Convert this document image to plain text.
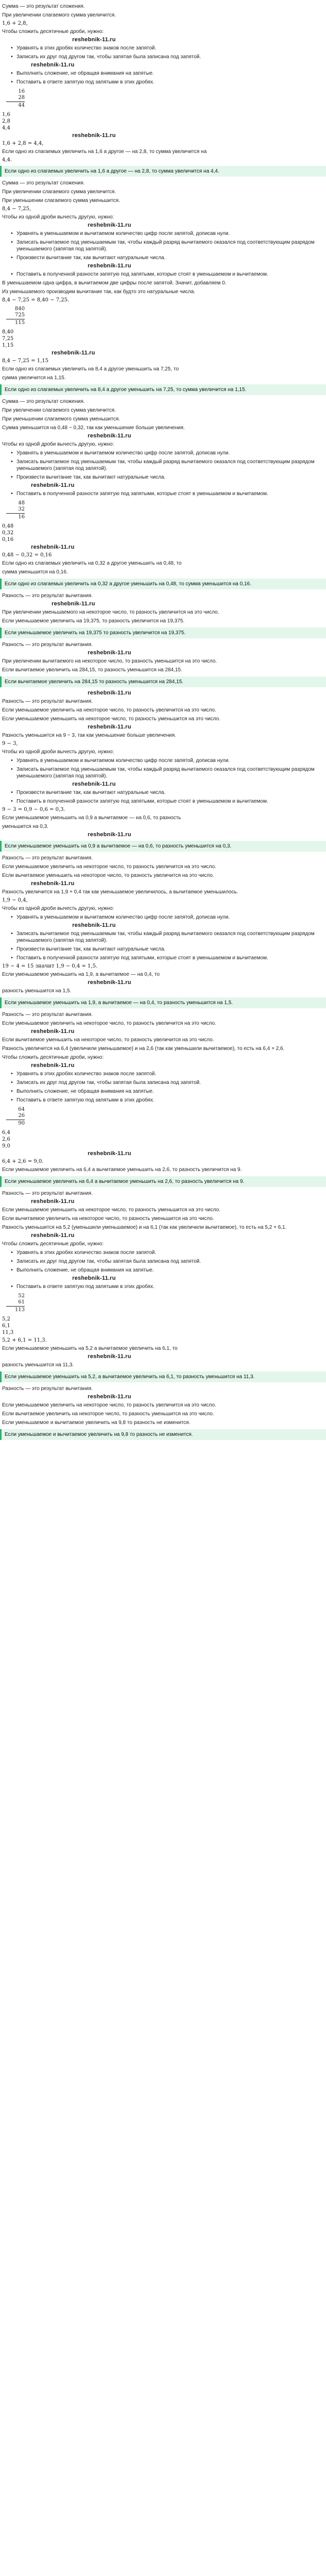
Сумма — это результат сложения.
При увеличении слагаемого сумма увеличится.
1,6 + 2,8,
Чтобы сложить десятичные дроби, нужно:
reshebnik-11.ru
• Уравнять в этих дробях количество знаков после запятой.
• Записать их друг под другом так, чтобы запятая была записана под запятой.
reshebnik-11.ru
• Выполнить сложение, не обращая внимания на запятые.
• Поставить в ответе запятую под запятыми в этих дробях.
16
28
44
1,6
2,8
4,4
reshebnik-11.ru
1,6 + 2,8 = 4,4,
Если одно из слагаемых увеличить на 1,6 а другое — на 2,8, то сумма увеличится на
4,4.
Если одно из слагаемых увеличить на 1,6 а другое — на 2,8, то сумма увеличится на 4,4.
Сумма — это результат сложения.
При увеличении слагаемого сумма увеличится.
При уменьшении слагаемого сумма уменьшится.
8,4 − 7,25,
Чтобы из одной дроби вычесть другую, нужно:
reshebnik-11.ru
• Уравнять в уменьшаемом и вычитаемом количество цифр после запятой, дописав нули.
• Записать вычитаемое под уменьшаемым так, чтобы каждый разряд вычитаемого оказался под соответствующим разрядом уменьшаемого (запятая под запятой).
• Произвести вычитание так, как вычитают натуральные числа.
reshebnik-11.ru
• Поставить в полученной разности запятую под запятыми, которые стоят в уменьшаемом и вычитаемом.
В уменьшаемом одна цифра, в вычитаемом две цифры после запятой. Значит, добавляем 0.
Из уменьшаемого производим вычитание так, как будто это натуральные числа.
8,4 − 7,25 = 8,40 − 7,25.
840
725
115
8,40
7,25
1,15
reshebnik-11.ru
8,4 − 7,25 = 1,15
Если одно из слагаемых увеличить на 8,4 а другое уменьшить на 7,25, то
сумма увеличится на 1,15.
Если одно из слагаемых увеличить на 8,4 а другое уменьшить на 7,25, то сумма увеличится на 1,15.
Сумма — это результат сложения.
При увеличении слагаемого сумма увеличится.
При уменьшении слагаемого сумма уменьшится.
Сумма уменьшится на 0,48 − 0,32, так как уменьшение больше увеличения.
reshebnik-11.ru
Чтобы из одной дроби вычесть другую, нужно:
• Уравнять в уменьшаемом и вычитаемом количество цифр после запятой, дописав нули.
• Записать вычитаемое под уменьшаемым так, чтобы каждый разряд вычитаемого оказался под соответствующим разрядом уменьшаемого (запятая под запятой).
• Произвести вычитание так, как вычитают натуральные числа.
reshebnik-11.ru
• Поставить в полученной разности запятую под запятыми, которые стоят в уменьшаемом и вычитаемом.
48
32
16
0,48
0,32
0,16
reshebnik-11.ru
0,48 − 0,32 = 0,16
Если одно из слагаемых увеличить на 0,32 а другое уменьшить на 0,48, то
сумма уменьшится на 0,16.
Если одно из слагаемых увеличить на 0,32 а другое уменьшить на 0,48, то сумма уменьшится на 0,16.
Разность — это результат вычитания.
reshebnik-11.ru
При увеличении уменьшаемого на некоторое число, то разность увеличится на это число.
Если уменьшаемое увеличить на 19,375, то разность увеличится на 19,375.
Если уменьшаемое увеличить на 19,375 то разность увеличится на 19,375.
Разность — это результат вычитания.
reshebnik-11.ru
При увеличении вычитаемого на некоторое число, то разность уменьшится на это число.
Если вычитаемое увеличить на 284,15, то разность уменьшится на 284,15.
Если вычитаемое увеличить на 284,15 то разность уменьшится на 284,15.
reshebnik-11.ru
Разность — это результат вычитания.
Если уменьшаемое увеличить на некоторое число, то разность увеличится на это число.
Если уменьшаемое уменьшить на некоторое число, то разность уменьшится на это число.
reshebnik-11.ru
Разность уменьшится на 9 − 3, так как уменьшение больше увеличения.
9 − 3,
Чтобы из одной дроби вычесть другую, нужно:
• Уравнять в уменьшаемом и вычитаемом количество цифр после запятой, дописав нули.
• Записать вычитаемое под уменьшаемым так, чтобы каждый разряд вычитаемого оказался под соответствующим разрядом уменьшаемого (запятая под запятой).
reshebnik-11.ru
• Произвести вычитание так, как вычитают натуральные числа.
• Поставить в полученной разности запятую под запятыми, которые стоят в уменьшаемом и вычитаемом.
9 − 3 = 0,9 − 0,6 = 0,3.
Если уменьшаемое уменьшить на 0,9 а вычитаемое — на 0,6, то разность
уменьшится на 0,3.
reshebnik-11.ru
Если уменьшаемое уменьшить на 0,9 а вычитаемое — на 0,6, то разность уменьшится на 0,3.
Разность — это результат вычитания.
Если уменьшаемое увеличить на некоторое число, то разность увеличится на это число.
Если вычитаемое уменьшить на некоторое число, то разность увеличится на это число.
reshebnik-11.ru
Разность увеличится на 1,9 + 0,4 так как уменьшаемое увеличилось, а вычитаемое уменьшилось.
1,9 − 0,4,
Чтобы из одной дроби вычесть другую, нужно:
• Уравнять в уменьшаемом и вычитаемом количество цифр после запятой, дописав нули.
reshebnik-11.ru
• Записать вычитаемое под уменьшаемым так, чтобы каждый разряд вычитаемого оказался под соответствующим разрядом уменьшаемого (запятая под запятой).
• Произвести вычитание так, как вычитают натуральные числа.
• Поставить в полученной разности запятую под запятыми, которые стоят в уменьшаемом и вычитаемом.
19 − 4 = 15 значит 1,9 − 0,4 = 1,5.
Если уменьшаемое уменьшить на 1,9, а вычитаемое — на 0,4, то
reshebnik-11.ru
разность уменьшится на 1,5.
Если уменьшаемое уменьшить на 1,9, а вычитаемое — на 0,4, то разность уменьшится на 1,5.
Разность — это результат вычитания.
Если уменьшаемое увеличить на некоторое число, то разность увеличится на это число.
reshebnik-11.ru
Если вычитаемое уменьшить на некоторое число, то разность увеличится на это число.
Разность увеличится на 6,4 (увеличили уменьшаемое) и на 2,6 (так как уменьшили вычитаемое), то есть на 6,4 + 2,6.
Чтобы сложить десятичные дроби, нужно:
reshebnik-11.ru
• Уравнять в этих дробях количество знаков после запятой.
• Записать их друг под другом так, чтобы запятая была записана под запятой.
• Выполнить сложение, не обращая внимания на запятые.
• Поставить в ответе запятую под запятыми в этих дробях.
64
26
90
6,4
2,6
9,0
reshebnik-11.ru
6,4 + 2,6 = 9,0.
Если уменьшаемое увеличить на 6,4 а вычитаемое уменьшить на 2,6, то разность увеличится на 9.
Если уменьшаемое увеличить на 6,4 а вычитаемое уменьшить на 2,6, то разность увеличится на 9.
Разность — это результат вычитания.
reshebnik-11.ru
Если уменьшаемое уменьшить на некоторое число, то разность уменьшится на это число.
Если вычитаемое увеличить на некоторое число, то разность уменьшится на это число.
Разность уменьшится на 5,2 (уменьшили уменьшаемое) и на 6,1 (так как увеличили вычитаемое), то есть на 5,2 + 6,1.
reshebnik-11.ru
Чтобы сложить десятичные дроби, нужно:
• Уравнять в этих дробях количество знаков после запятой.
• Записать их друг под другом так, чтобы запятая была записана под запятой.
• Выполнить сложение, не обращая внимания на запятые.
reshebnik-11.ru
• Поставить в ответе запятую под запятыми в этих дробях.
52
61
113
5,2
6,1
11,3
5,2 + 6,1 = 11,3.
Если уменьшаемое уменьшить на 5,2 а вычитаемое увеличить на 6,1, то
reshebnik-11.ru
разность уменьшится на 11,3.
Если уменьшаемое уменьшить на 5,2, а вычитаемое увеличить на 6,1, то разность уменьшится на 11,3.
Разность — это результат вычитания.
reshebnik-11.ru
Если уменьшаемое увеличить на некоторое число, то разность увеличится на это число.
Если вычитаемое увеличить на некоторое число, то разность уменьшится на это число.
Если уменьшаемое и вычитаемое увеличить на 9,8 то разность не изменится.
Если уменьшаемое и вычитаемое увеличить на 9,8 то разность не изменится.
